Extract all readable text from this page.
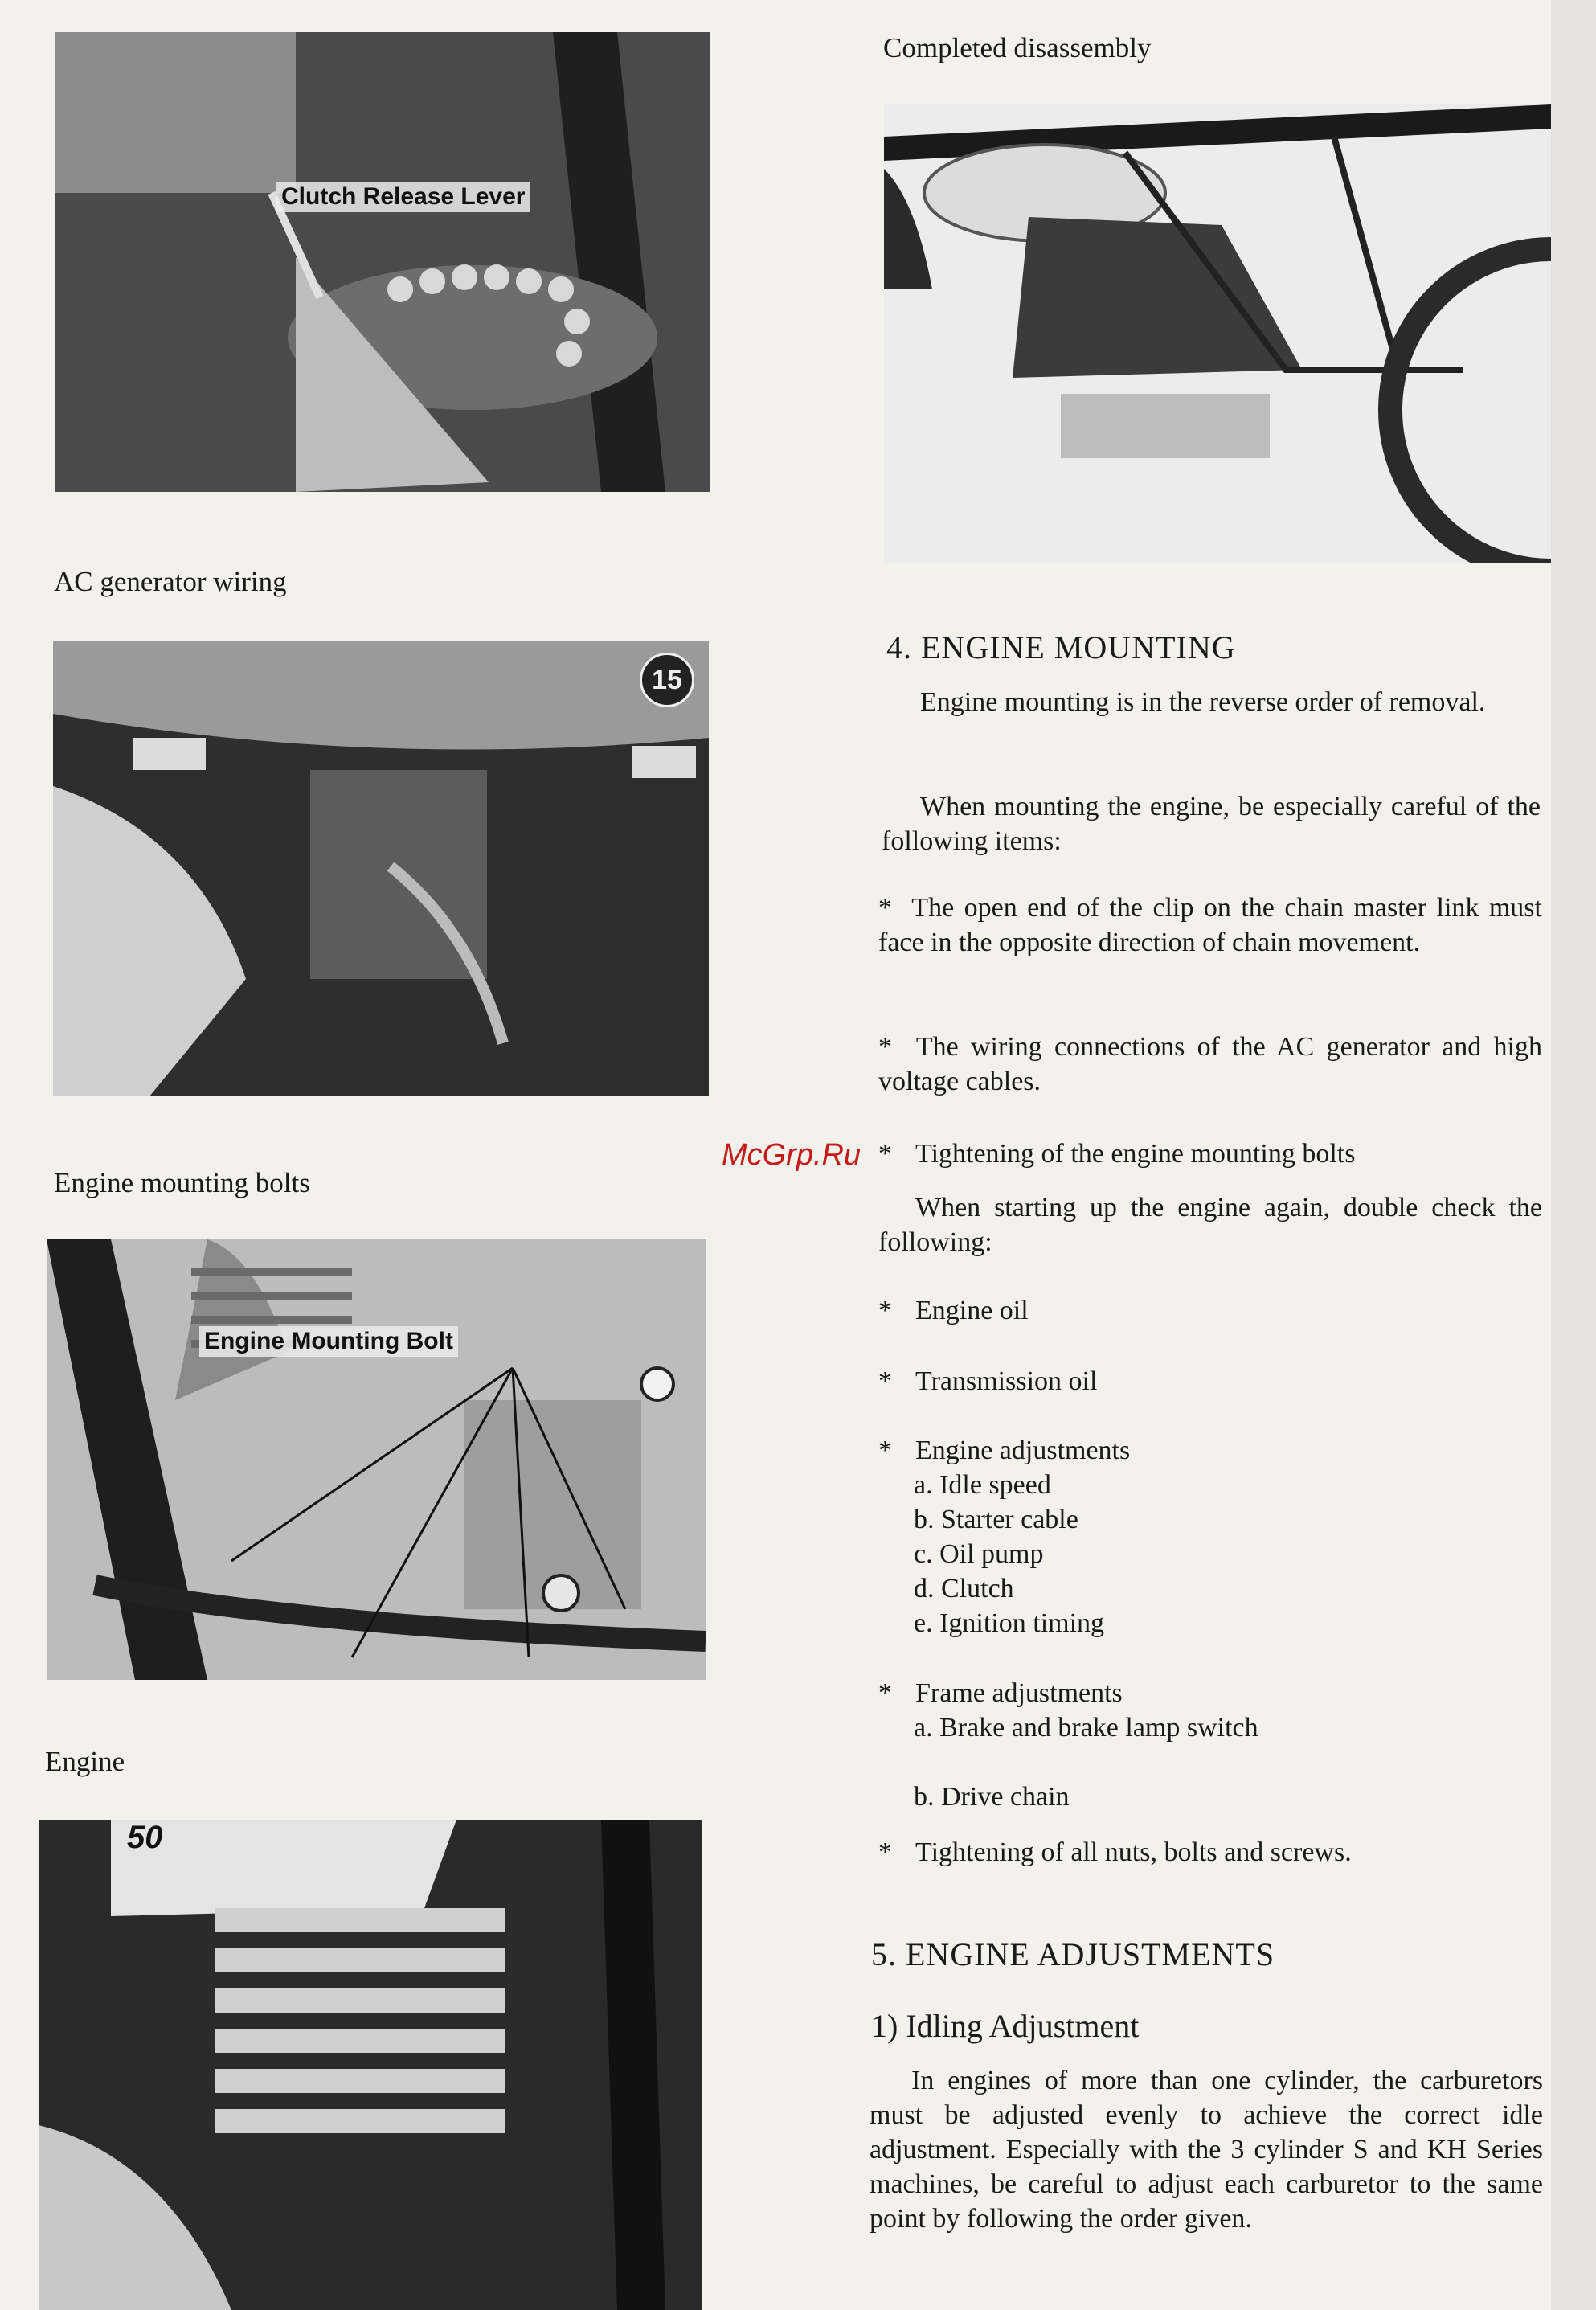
Clutch Release Lever
AC generator wiring
15
Engine mounting bolts
Engine Mounting Bolt
Engine
50
Completed disassembly
4. ENGINE MOUNTING
Engine mounting is in the reverse order of removal.
When mounting the engine, be especially careful of the following items:
* The open end of the clip on the chain master link must face in the opposite direction of chain movement.
* The wiring connections of the AC generator and high voltage cables.
* Tightening of the engine mounting bolts
When starting up the engine again, double check the following:
* Engine oil
* Transmission oil
* Engine adjustments
a. Idle speed
b. Starter cable
c. Oil pump
d. Clutch
e. Ignition timing
* Frame adjustments
a. Brake and brake lamp switch
b. Drive chain
* Tightening of all nuts, bolts and screws.
5. ENGINE ADJUSTMENTS
1) Idling Adjustment
In engines of more than one cylinder, the carburetors must be adjusted evenly to achieve the correct idle adjustment. Especially with the 3 cylinder S and KH Series machines, be careful to adjust each carburetor to the same point by following the order given.
McGrp.Ru
